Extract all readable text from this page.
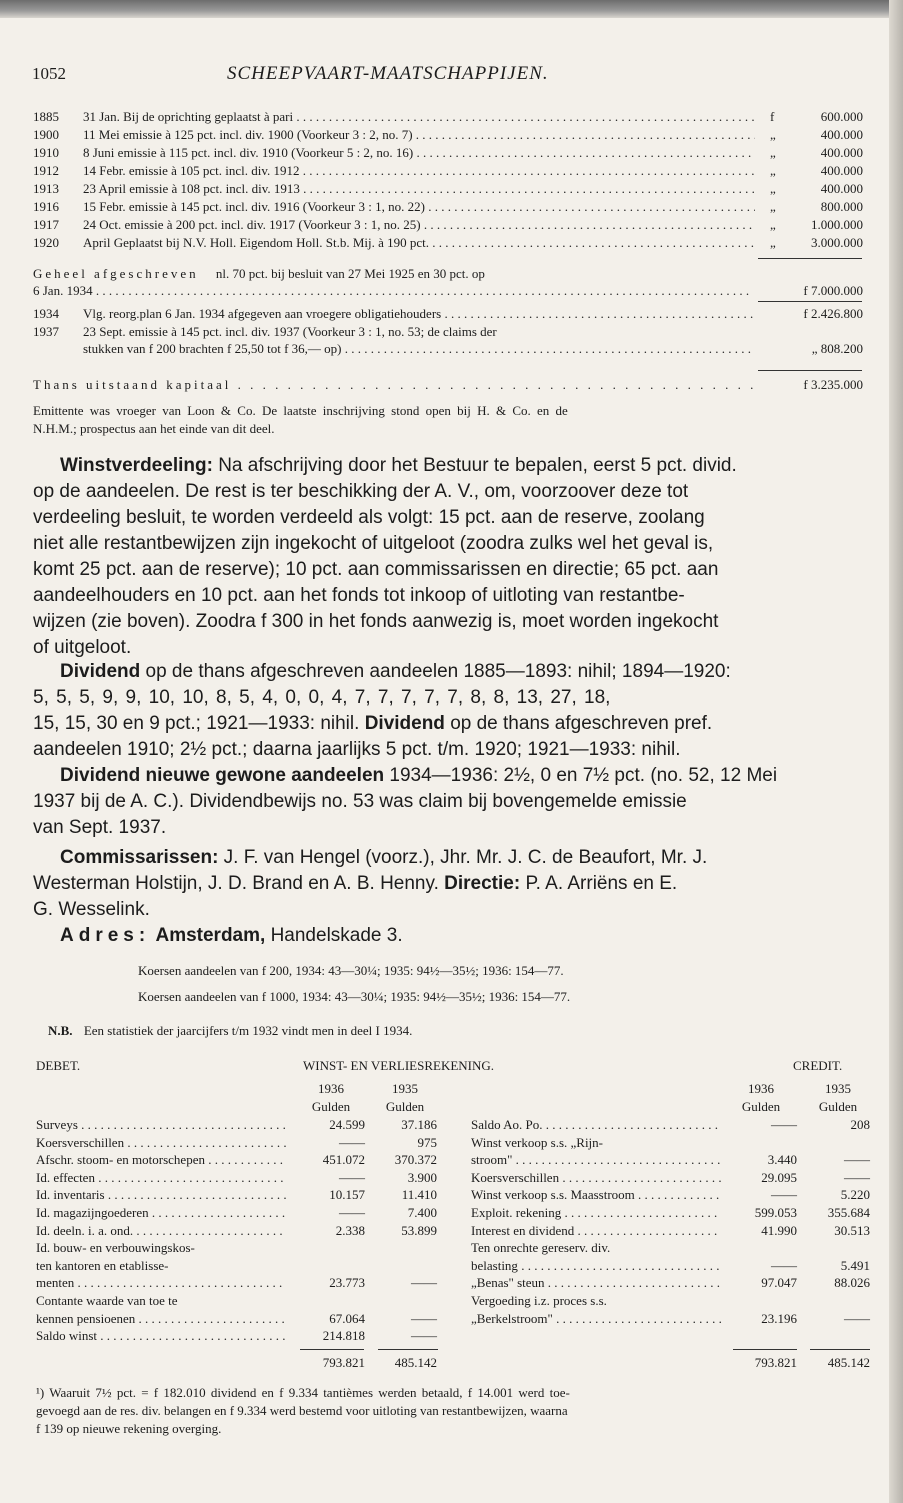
1052	SCHEEPVAART-MAATSCHAPPIJEN.
1885 31 Jan. Bij de oprichting geplaatst à pari . . .	f	600.000
1900 11 Mei emissie à 125 pct. incl. div. 1900 (Voorkeur 3 : 2, no. 7) . . .	„	400.000
1910 8 Juni emissie à 115 pct. incl. div. 1910 (Voorkeur 5 : 2, no. 16) . . .	„	400.000
1912 14 Febr. emissie à 105 pct. incl. div. 1912 . . .	„	400.000
1913 23 April emissie à 108 pct. incl. div. 1913 . . .	„	400.000
1916 15 Febr. emissie à 145 pct. incl. div. 1916 (Voorkeur 3 : 1, no. 22) . . .	„	800.000
1917 24 Oct. emissie à 200 pct. incl. div. 1917 (Voorkeur 3 : 1, no. 25) . . .	„	1.000.000
1920 April Geplaatst bij N.V. Holl. Eigendom Holl. St.b. Mij. à 190 pct. . . .	„	3.000.000
Geheel afgeschreven nl. 70 pct. bij besluit van 27 Mei 1925 en 30 pct. op
6 Jan. 1934 . . .	f 7.000.000
1934 Vlg. reorg.plan 6 Jan. 1934 afgegeven aan vroegere obligatiehouders . . .	f 2.426.800
1937 23 Sept. emissie à 145 pct. incl. div. 1937 (Voorkeur 3 : 1, no. 53; de claims der
stukken van f 200 brachten f 25,50 tot f 36,— op) . . .	„ 808.200
Thans uitstaand kapitaal . . .	f 3.235.000
Emittente was vroeger van Loon & Co. De laatste inschrijving stond open bij H. & Co. en de
N.H.M.; prospectus aan het einde van dit deel.
Winstverdeeling: Na afschrijving door het Bestuur te bepalen, eerst 5 pct. divid.
op de aandeelen. De rest is ter beschikking der A. V., om, voorzoover deze tot
verdeeling besluit, te worden verdeeld als volgt: 15 pct. aan de reserve, zoolang
niet alle restantbewijzen zijn ingekocht of uitgeloot (zoodra zulks wel het geval is,
komt 25 pct. aan de reserve); 10 pct. aan commissarissen en directie; 65 pct. aan
aandeelhouders en 10 pct. aan het fonds tot inkoop of uitloting van restantbe-
wijzen (zie boven). Zoodra f 300 in het fonds aanwezig is, moet worden ingekocht
of uitgeloot.
Dividend op de thans afgeschreven aandeelen 1885—1893: nihil; 1894—1920:
5, 5, 5, 9, 9, 10, 10, 8, 5, 4, 0, 0, 4, 7, 7, 7, 7, 7, 8, 8, 13, 27, 18,
15, 15, 30 en 9 pct.; 1921—1933: nihil. Dividend op de thans afgeschreven pref.
aandeelen 1910; 2½ pct.; daarna jaarlijks 5 pct. t/m. 1920; 1921—1933: nihil.
Dividend nieuwe gewone aandeelen 1934—1936: 2½, 0 en 7½ pct. (no. 52, 12 Mei
1937 bij de A. C.). Dividendbewijs no. 53 was claim bij bovengemelde emissie
van Sept. 1937.
Commissarissen: J. F. van Hengel (voorz.), Jhr. Mr. J. C. de Beaufort, Mr. J.
Westerman Holstijn, J. D. Brand en A. B. Henny. Directie: P. A. Arriëns en E.
G. Wesselink.
Adres: Amsterdam, Handelskade 3.
Koersen aandeelen van f 200, 1934: 43—30¼; 1935: 94½—35½; 1936: 154—77.
Koersen aandeelen van f 1000, 1934: 43—30¼; 1935: 94½—35½; 1936: 154—77.
N.B. Een statistiek der jaarcijfers t/m 1932 vindt men in deel I 1934.
DEBET.	WINST- EN VERLIESREKENING.	CREDIT.
1936	1935
Gulden	Gulden
1936	1935
Gulden	Gulden
Surveys . . .	24.599	37.186
Koersverschillen . . .	——	975
Afschr. stoom- en motorschepen . . .	451.072	370.372
Id. effecten . . .	——	3.900
Id. inventaris . . .	10.157	11.410
Id. magazijngoederen . . .	——	7.400
Id. deeln. i. a. ond. . . .	2.338	53.899
Id. bouw- en verbouwingskos-
ten kantoren en etablisse-
menten . . .	23.773	——
Contante waarde van toe te
kennen pensioenen . . .	67.064	——
Saldo winst . . .	214.818	——
Saldo Ao. Po. . . .	——	208
Winst verkoop s.s. „Rijn-
stroom" . . .	3.440	——
Koersverschillen . . .	29.095	——
Winst verkoop s.s. Maasstroom . . .	——	5.220
Exploit. rekening . . .	599.053	355.684
Interest en dividend . . .	41.990	30.513
Ten onrechte gereserv. div.
belasting . . .	——	5.491
„Benas" steun . . .	97.047	88.026
Vergoeding i.z. proces s.s.
„Berkelstroom" . . .	23.196	——
793.821	485.142	793.821	485.142
¹) Waaruit 7½ pct. = f 182.010 dividend en f 9.334 tantièmes werden betaald, f 14.001 werd toe-
gevoegd aan de res. div. belangen en f 9.334 werd bestemd voor uitloting van restantbewijzen, waarna
f 139 op nieuwe rekening overging.
